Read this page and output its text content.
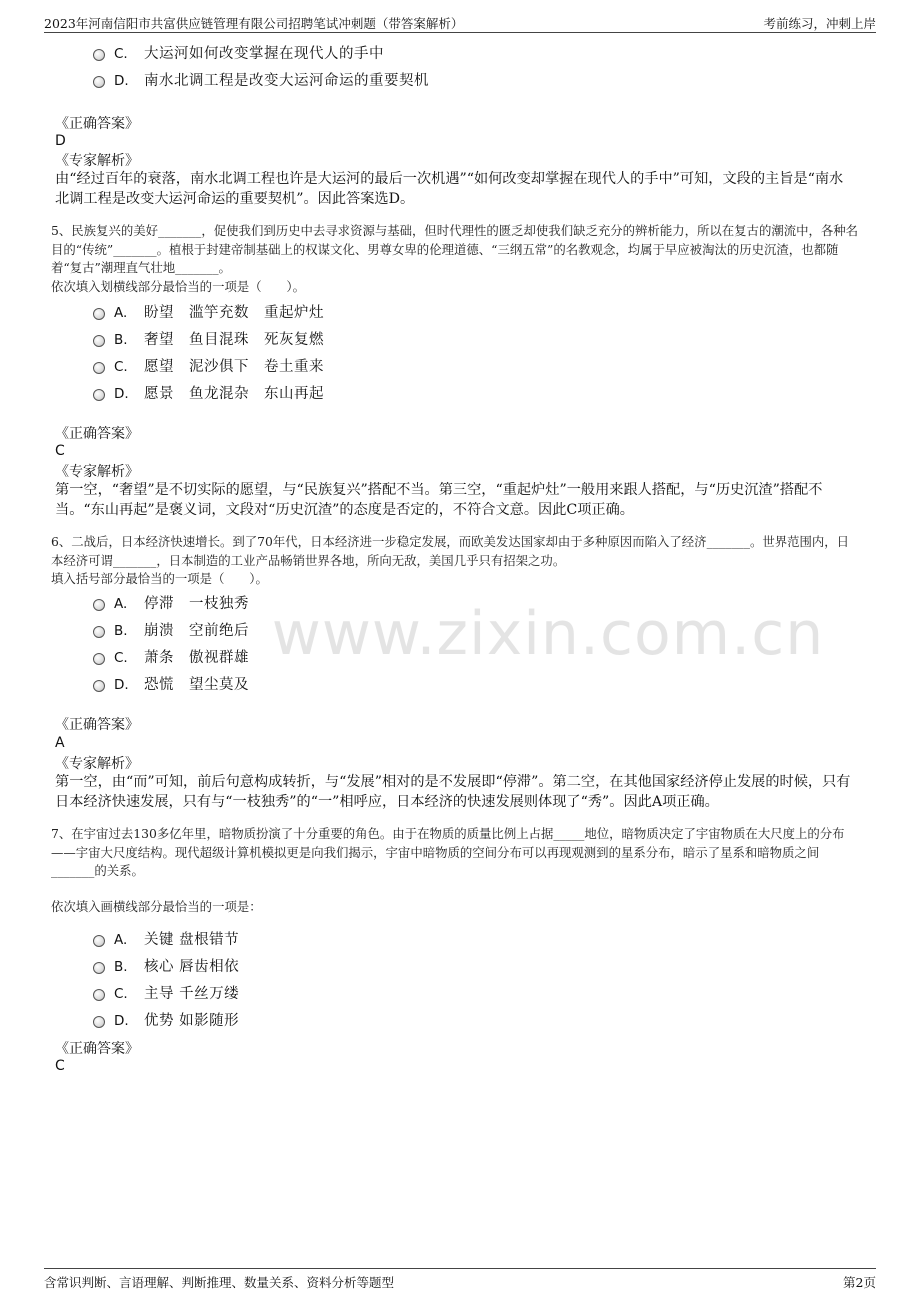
2023年河南信阳市共富供应链管理有限公司招聘笔试冲刺题（带答案解析）	考前练习，冲刺上岸
www.zixin.com.cn
C. 大运河如何改变掌握在现代人的手中
D. 南水北调工程是改变大运河命运的重要契机
《正确答案》
D
《专家解析》
由“经过百年的衰落，南水北调工程也许是大运河的最后一次机遇”“如何改变却掌握在现代人的手中”可知，文段的主旨是“南水北调工程是改变大运河命运的重要契机”。因此答案选D。
5、民族复兴的美好_______，促使我们到历史中去寻求资源与基础，但时代理性的匮乏却使我们缺乏充分的辨析能力，所以在复古的潮流中，各种名目的“传统”_______。植根于封建帝制基础上的权谋文化、男尊女卑的伦理道德、“三纲五常”的名教观念，均属于早应被淘汰的历史沉渣，也都随着“复古”潮理直气壮地_______。
依次填入划横线部分最恰当的一项是（　　）。
A. 盼望　滥竽充数　重起炉灶
B. 奢望　鱼目混珠　死灰复燃
C. 愿望　泥沙俱下　卷土重来
D. 愿景　鱼龙混杂　东山再起
《正确答案》
C
《专家解析》
第一空，“奢望”是不切实际的愿望，与“民族复兴”搭配不当。第三空，“重起炉灶”一般用来跟人搭配，与“历史沉渣”搭配不当。“东山再起”是褒义词，文段对“历史沉渣”的态度是否定的，不符合文意。因此C项正确。
6、二战后，日本经济快速增长。到了70年代，日本经济进一步稳定发展，而欧美发达国家却由于多种原因而陷入了经济_______。世界范围内，日本经济可谓_______，日本制造的工业产品畅销世界各地，所向无敌，美国几乎只有招架之功。
填入括号部分最恰当的一项是（　　）。
A. 停滞　一枝独秀
B. 崩溃　空前绝后
C. 萧条　傲视群雄
D. 恐慌　望尘莫及
《正确答案》
A
《专家解析》
第一空，由“而”可知，前后句意构成转折，与“发展”相对的是不发展即“停滞”。第二空，在其他国家经济停止发展的时候，只有日本经济快速发展，只有与“一枝独秀”的“一”相呼应，日本经济的快速发展则体现了“秀”。因此A项正确。
7、在宇宙过去130多亿年里，暗物质扮演了十分重要的角色。由于在物质的质量比例上占据_____地位，暗物质决定了宇宙物质在大尺度上的分布——宇宙大尺度结构。现代超级计算机模拟更是向我们揭示，宇宙中暗物质的空间分布可以再现观测到的星系分布，暗示了星系和暗物质之间_______的关系。
依次填入画横线部分最恰当的一项是：
A. 关键 盘根错节
B. 核心 唇齿相依
C. 主导 千丝万缕
D. 优势 如影随形
《正确答案》
C
含常识判断、言语理解、判断推理、数量关系、资料分析等题型	第2页
